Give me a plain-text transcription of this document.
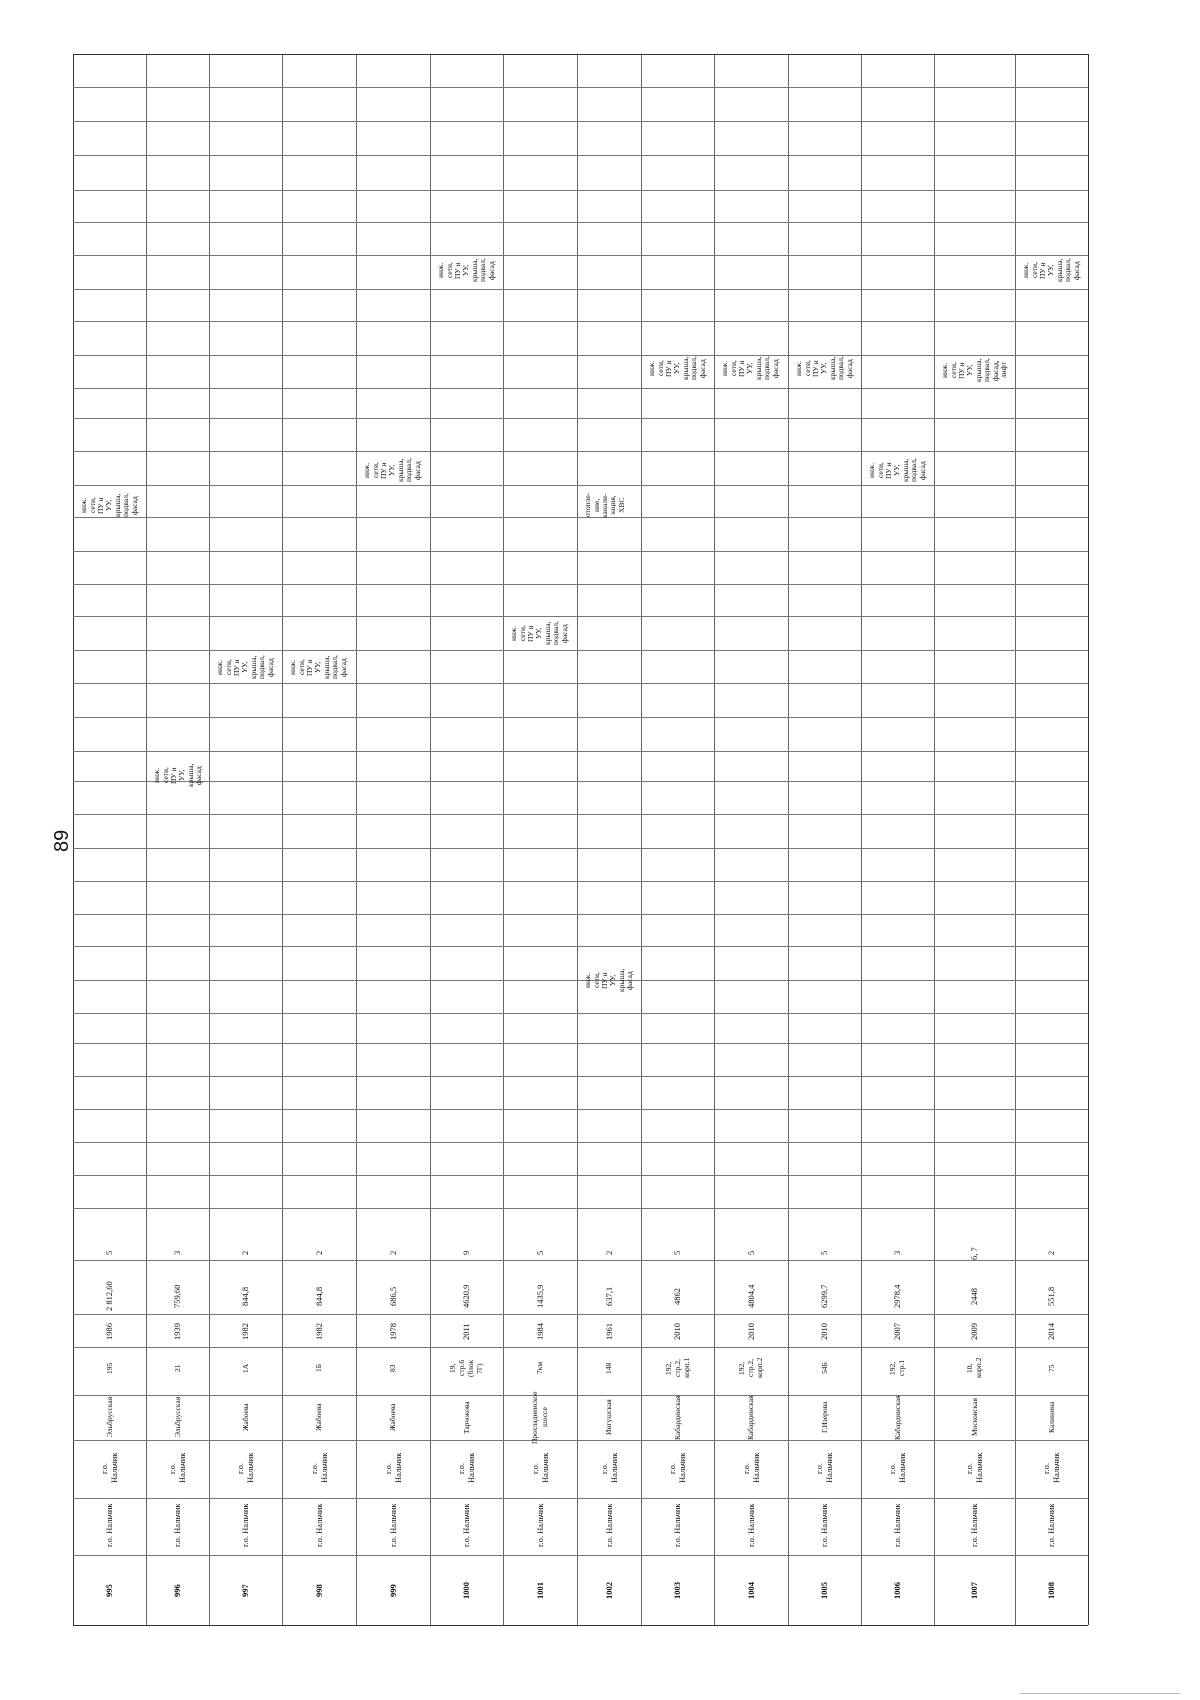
995
г.о. Нальчик
г.о. Нальчик
Эльбрусская
195
1986
2 812,60
5
996
г.о. Нальчик
г.о. Нальчик
Эльбрусская
21
1939
759,60
3
997
г.о. Нальчик
г.о. Нальчик
Жабоева
1А
1982
844,8
2
998
г.о. Нальчик
г.о. Нальчик
Жабоева
1Б
1982
844,8
2
999
г.о. Нальчик
г.о. Нальчик
Жабоева
83
1978
686,5
2
1000
г.о. Нальчик
г.о. Нальчик
Тарчокова
19, стр.6 (блок 7Г)
2011
4620,9
9
1001
г.о. Нальчик
г.о. Нальчик
Прохладненское шоссе
7км
1984
1435,9
5
1002
г.о. Нальчик
г.о. Нальчик
Ингушская
148
1961
637,1
2
1003
г.о. Нальчик
г.о. Нальчик
Кабардинская
192, стр.2, корп.1
2010
4862
5
1004
г.о. Нальчик
г.о. Нальчик
Кабардинская
192, стр.2, корп.2
2010
4804,4
5
1005
г.о. Нальчик
г.о. Нальчик
Г.Изерова
54Б
2010
6299,7
5
1006
г.о. Нальчик
г.о. Нальчик
Кабардинская
192, стр.1
2007
2978,4
3
1007
г.о. Нальчик
г.о. Нальчик
Московская
10, корп.2
2009
2448
6, 7
1008
г.о. Нальчик
г.о. Нальчик
Калинина
75
2014
551,8
2
инж. сети, ПУ и УУ, крыша, подвал, фасад
инж. сети, ПУ и УУ, крыша, фасад
инж. сети, ПУ и УУ, крыша, подвал, фасад инж. сети, ПУ и УУ, крыша, подвал, фасад
инж. сети, ПУ и УУ, крыша, подвал, фасад
инж. сети, ПУ и УУ, крыша, подвал, фасад
инж. сети, ПУ и УУ, крыша, подвал, фасад
отопле- ние, канали- зация, ХВС
инж. сети, ПУ и УУ, крыша, фасад
инж. сети, ПУ и УУ, крыша, подвал, фасад инж. сети, ПУ и УУ, крыша, подвал, фасад инж. сети, ПУ и УУ, крыша, подвал, фасад
инж. сети, ПУ и УУ, крыша, подвал, фасад
инж. сети, ПУ и УУ, крыша, подвал, фасад, лифт
инж. сети, ПУ и УУ, крыша, подвал, фасад
89
